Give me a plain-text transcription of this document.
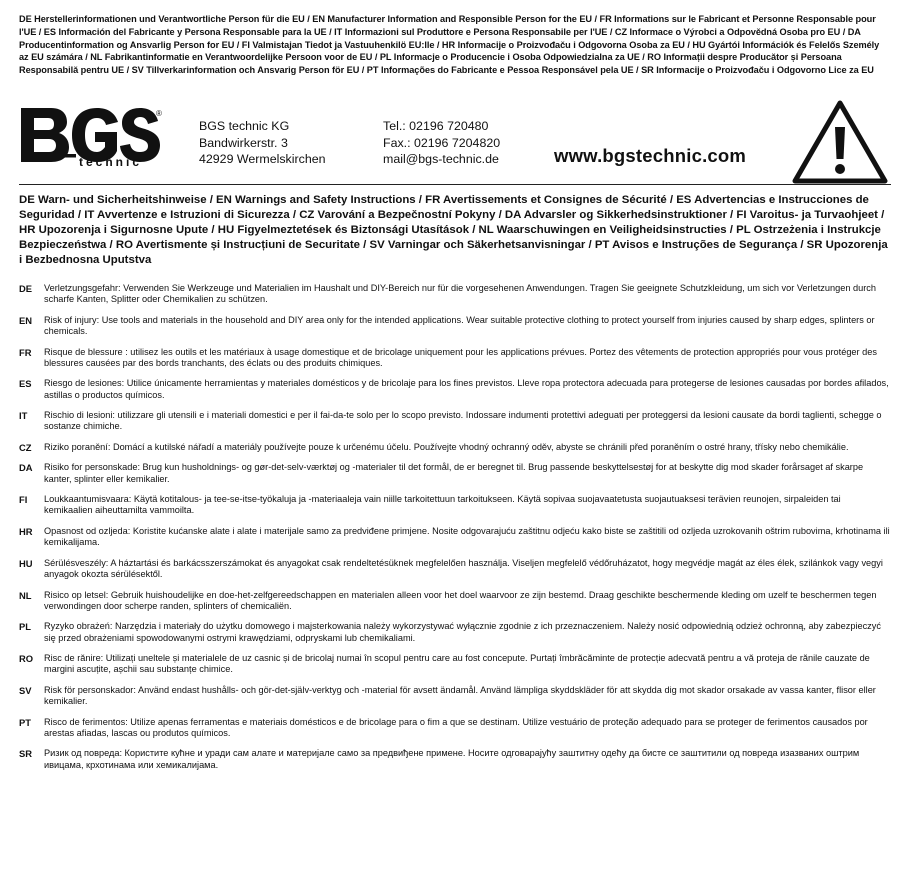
DE Herstellerinformationen und Verantwortliche Person für die EU / EN Manufacturer Information and Responsible Person for the EU / FR Informations sur le Fabricant et Personne Responsable pour l'UE / ES Información del Fabricante y Persona Responsable para la UE / IT Informazioni sul Produttore e Persona Responsabile per l'UE / CZ Informace o Výrobci a Odpovědná Osoba pro EU / DA Producentinformation og Ansvarlig Person for EU / FI Valmistajan Tiedot ja Vastuuhenkilö EU:lle / HR Informacije o Proizvođaču i Odgovorna Osoba za EU / HU Gyártói Információk és Felelős Személy az EU számára / NL Fabrikantinformatie en Verantwoordelijke Persoon voor de EU / PL Informacje o Producencie i Osoba Odpowiedzialna za UE / RO Informații despre Producător și Persoana Responsabilă pentru UE / SV Tillverkarinformation och Ansvarig Person för EU / PT Informações do Fabricante e Pessoa Responsável pela UE / SR Informacije o Proizvođaču i Odgovorno Lice za EU
technic
®
BGS technic KG
Bandwirkerstr. 3
42929 Wermelskirchen
Tel.: 02196 720480
Fax.: 02196 7204820
mail@bgs-technic.de	www.bgstechnic.com
DE Warn- und Sicherheitshinweise / EN Warnings and Safety Instructions / FR Avertissements et Consignes de Sécurité / ES Advertencias e Instrucciones de Seguridad / IT Avvertenze e Istruzioni di Sicurezza / CZ Varování a Bezpečnostní Pokyny / DA Advarsler og Sikkerhedsinstruktioner / FI Varoitus- ja Turvaohjeet / HR Upozorenja i Sigurnosne Upute / HU Figyelmeztetések és Biztonsági Utasítások / NL Waarschuwingen en Veiligheidsinstructies / PL Ostrzeżenia i Instrukcje Bezpieczeństwa / RO Avertismente și Instrucțiuni de Securitate / SV Varningar och Säkerhetsanvisningar / PT Avisos e Instruções de Segurança / SR Upozorenja i Bezbednosna Uputstva
DE	Verletzungsgefahr: Verwenden Sie Werkzeuge und Materialien im Haushalt und DIY-Bereich nur für die vorgesehenen Anwendungen. Tragen Sie geeignete Schutzkleidung, um sich vor Verletzungen durch scharfe Kanten, Splitter oder Chemikalien zu schützen.
EN	Risk of injury: Use tools and materials in the household and DIY area only for the intended applications. Wear suitable protective clothing to protect yourself from injuries caused by sharp edges, splinters or chemicals.
FR	Risque de blessure : utilisez les outils et les matériaux à usage domestique et de bricolage uniquement pour les applications prévues. Portez des vêtements de protection appropriés pour vous protéger des blessures causées par des bords tranchants, des éclats ou des produits chimiques.
ES	Riesgo de lesiones: Utilice únicamente herramientas y materiales domésticos y de bricolaje para los fines previstos. Lleve ropa protectora adecuada para protegerse de lesiones causadas por bordes afilados, astillas o productos químicos.
IT	Rischio di lesioni: utilizzare gli utensili e i materiali domestici e per il fai-da-te solo per lo scopo previsto. Indossare indumenti protettivi adeguati per proteggersi da lesioni causate da bordi taglienti, schegge o sostanze chimiche.
CZ	Riziko poranění: Domácí a kutilské nářadí a materiály používejte pouze k určenému účelu. Používejte vhodný ochranný oděv, abyste se chránili před poraněním o ostré hrany, třísky nebo chemikálie.
DA	Risiko for personskade: Brug kun husholdnings- og gør-det-selv-værktøj og -materialer til det formål, de er beregnet til. Brug passende beskyttelsestøj for at beskytte dig mod skader forårsaget af skarpe kanter, splinter eller kemikalier.
FI	Loukkaantumisvaara: Käytä kotitalous- ja tee-se-itse-työkaluja ja -materiaaleja vain niille tarkoitettuun tarkoitukseen. Käytä sopivaa suojavaatetusta suojautuaksesi terävien reunojen, sirpaleiden tai kemikaalien aiheuttamilta vammoilta.
HR	Opasnost od ozljeda: Koristite kućanske alate i alate i materijale samo za predviđene primjene. Nosite odgovarajuću zaštitnu odjeću kako biste se zaštitili od ozljeda uzrokovanih oštrim rubovima, krhotinama ili kemikalijama.
HU	Sérülésveszély: A háztartási és barkácsszerszámokat és anyagokat csak rendeltetésüknek megfelelően használja. Viseljen megfelelő védőruházatot, hogy megvédje magát az éles élek, szilánkok vagy vegyi anyagok okozta sérülésektől.
NL	Risico op letsel: Gebruik huishoudelijke en doe-het-zelfgereedschappen en materialen alleen voor het doel waarvoor ze zijn bestemd. Draag geschikte beschermende kleding om uzelf te beschermen tegen verwondingen door scherpe randen, splinters of chemicaliën.
PL	Ryzyko obrażeń: Narzędzia i materiały do użytku domowego i majsterkowania należy wykorzystywać wyłącznie zgodnie z ich przeznaczeniem. Należy nosić odpowiednią odzież ochronną, aby zabezpieczyć się przed obrażeniami spowodowanymi ostrymi krawędziami, odpryskami lub chemikaliami.
RO	Risc de rănire: Utilizați uneltele și materialele de uz casnic și de bricolaj numai în scopul pentru care au fost concepute. Purtați îmbrăcăminte de protecție adecvată pentru a vă proteja de rănile cauzate de margini ascuțite, așchii sau substanțe chimice.
SV	Risk för personskador: Använd endast hushålls- och gör-det-själv-verktyg och -material för avsett ändamål. Använd lämpliga skyddskläder för att skydda dig mot skador orsakade av vassa kanter, flisor eller kemikalier.
PT	Risco de ferimentos: Utilize apenas ferramentas e materiais domésticos e de bricolage para o fim a que se destinam. Utilize vestuário de proteção adequado para se proteger de ferimentos causados por arestas afiadas, lascas ou produtos químicos.
SR	Ризик од повреда: Користите кућне и уради сам алате и материјале само за предвиђене примене. Носите одговарајућу заштитну одећу да бисте се заштитили од повреда изазваних оштрим ивицама, крхотинама или хемикалијама.
